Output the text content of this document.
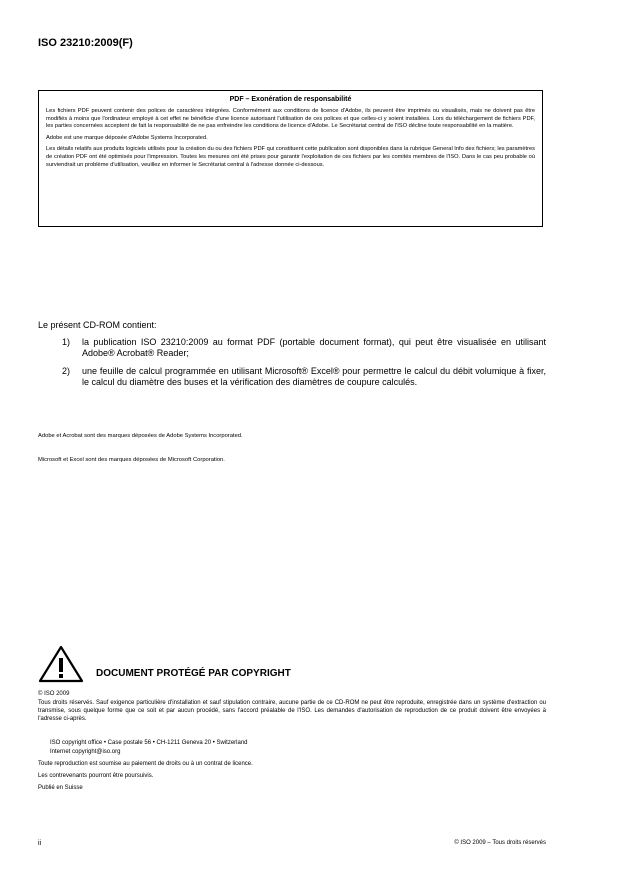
ISO 23210:2009(F)
PDF – Exonération de responsabilité

Les fichiers PDF peuvent contenir des polices de caractères intégrées. Conformément aux conditions de licence d'Adobe, ils peuvent être imprimés ou visualisés, mais ne doivent pas être modifiés à moins que l'ordinateur employé à cet effet ne bénéficie d'une licence autorisant l'utilisation de ces polices et que celles-ci y soient installées. Lors du téléchargement de fichiers PDF, les parties concernées acceptent de fait la responsabilité de ne pas enfreindre les conditions de licence d'Adobe. Le Secrétariat central de l'ISO décline toute responsabilité en la matière.

Adobe est une marque déposée d'Adobe Systems Incorporated.

Les détails relatifs aux produits logiciels utilisés pour la création du ou des fichiers PDF qui constituent cette publication sont disponibles dans la rubrique General Info des fichiers; les paramètres de création PDF ont été optimisés pour l'impression. Toutes les mesures ont été prises pour garantir l'exploitation de ces fichiers par les comités membres de l'ISO. Dans le cas peu probable où surviendrait un problème d'utilisation, veuillez en informer le Secrétariat central à l'adresse donnée ci-dessous.

Le présent CD-ROM contient:
1) la publication ISO 23210:2009 au format PDF (portable document format), qui peut être visualisée en utilisant Adobe® Acrobat® Reader;
2) une feuille de calcul programmée en utilisant Microsoft® Excel® pour permettre le calcul du débit volumique à fixer, le calcul du diamètre des buses et la vérification des diamètres de coupure calculés.
Adobe et Acrobat sont des marques déposées de Adobe Systems Incorporated.
Microsoft et Excel sont des marques déposées de Microsoft Corporation.
DOCUMENT PROTÉGÉ PAR COPYRIGHT
© ISO 2009
Tous droits réservés. Sauf exigence particulière d'installation et sauf stipulation contraire, aucune partie de ce CD-ROM ne peut être reproduite, enregistrée dans un système d'extraction ou transmise, sous quelque forme que ce soit et par aucun procédé, sans l'accord préalable de l'ISO. Les demandes d'autorisation de reproduction de ce produit doivent être envoyées à l'adresse ci-après.
ISO copyright office • Case postale 56 • CH-1211 Geneva 20 • Switzerland
Internet copyright@iso.org
Toute reproduction est soumise au paiement de droits ou à un contrat de licence.
Les contrevenants pourront être poursuivis.
Publié en Suisse
ii	© ISO 2009 – Tous droits réservés
